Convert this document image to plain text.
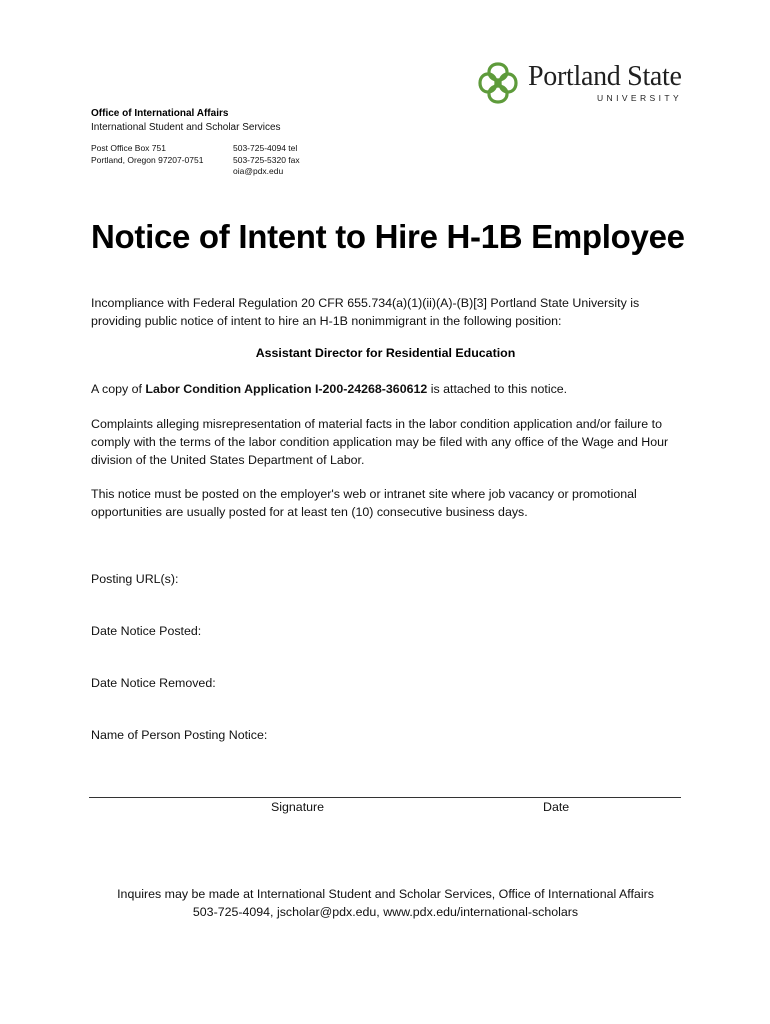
Portland State
UNIVERSITY
Office of International Affairs
International Student and Scholar Services
Post Office Box 751
Portland, Oregon 97207-0751
503-725-4094 tel
503-725-5320 fax
oia@pdx.edu
Notice of Intent to Hire H-1B Employee
Incompliance with Federal Regulation 20 CFR 655.734(a)(1)(ii)(A)-(B)[3] Portland State University is providing public notice of intent to hire an H-1B nonimmigrant in the following position:
Assistant Director for Residential Education
A copy of Labor Condition Application I-200-24268-360612 is attached to this notice.
Complaints alleging misrepresentation of material facts in the labor condition application and/or failure to comply with the terms of the labor condition application may be filed with any office of the Wage and Hour division of the United States Department of Labor.
This notice must be posted on the employer's web or intranet site where job vacancy or promotional opportunities are usually posted for at least ten (10) consecutive business days.
Posting URL(s):
Date Notice Posted:
Date Notice Removed:
Name of Person Posting Notice:
Signature	Date
Inquires may be made at International Student and Scholar Services, Office of International Affairs
503-725-4094, jscholar@pdx.edu, www.pdx.edu/international-scholars
